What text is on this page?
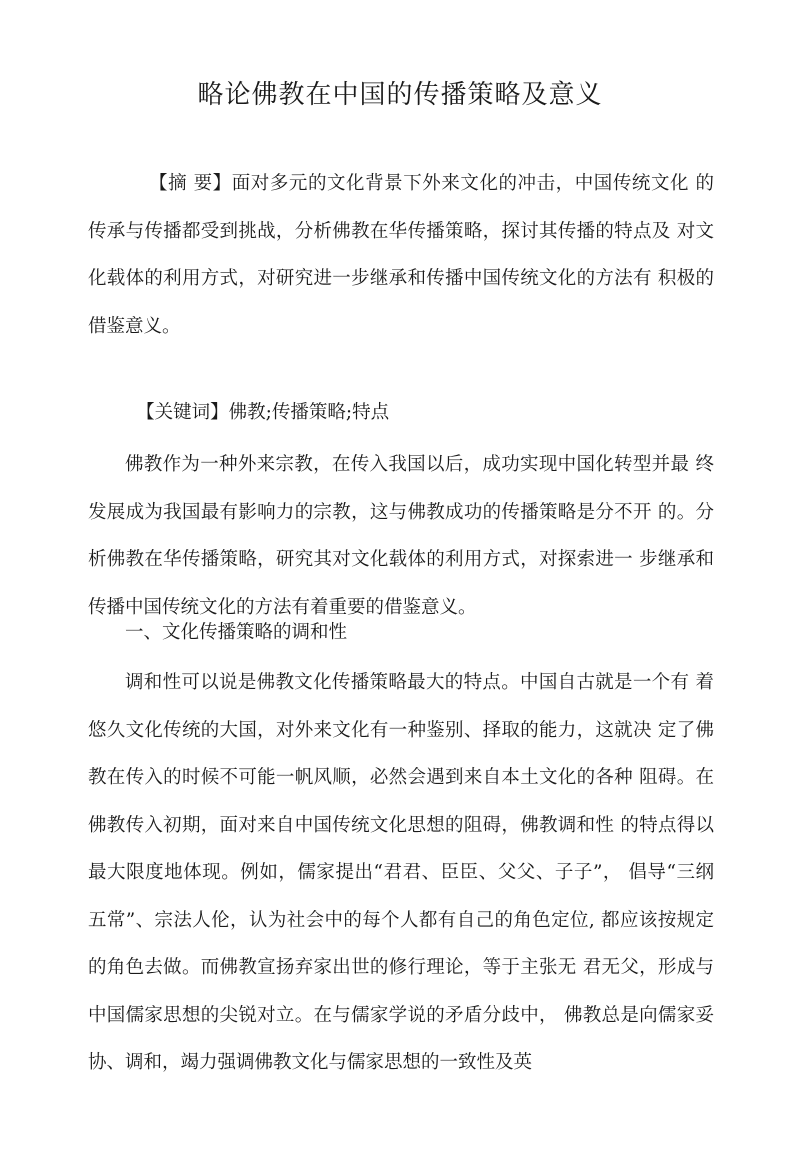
略论佛教在中国的传播策略及意义

【摘 要】面对多元的文化背景下外来文化的冲击，中国传统文化 的传承与传播都受到挑战，分析佛教在华传播策略，探讨其传播的特点及 对文化载体的利用方式，对研究进一步继承和传播中国传统文化的方法有 积极的借鉴意义。

【关键词】佛教;传播策略;特点

佛教作为一种外来宗教，在传入我国以后，成功实现中国化转型并最 终发展成为我国最有影响力的宗教，这与佛教成功的传播策略是分不开 的。分析佛教在华传播策略，研究其对文化载体的利用方式，对探索进一 步继承和传播中国传统文化的方法有着重要的借鉴意义。

一、文化传播策略的调和性

调和性可以说是佛教文化传播策略最大的特点。中国自古就是一个有 着悠久文化传统的大国，对外来文化有一种鉴别、择取的能力，这就决 定了佛教在传入的时候不可能一帆风顺，必然会遇到来自本土文化的各种 阻碍。在佛教传入初期，面对来自中国传统文化思想的阻碍，佛教调和性 的特点得以最大限度地体现。例如，儒家提出“君君、臣臣、父父、子子”， 倡导“三纲五常”、宗法人伦，认为社会中的每个人都有自己的角色定位, 都应该按规定的角色去做。而佛教宣扬弃家出世的修行理论，等于主张无 君无父，形成与中国儒家思想的尖锐对立。在与儒家学说的矛盾分歧中， 佛教总是向儒家妥协、调和，竭力强调佛教文化与儒家思想的一致性及英
